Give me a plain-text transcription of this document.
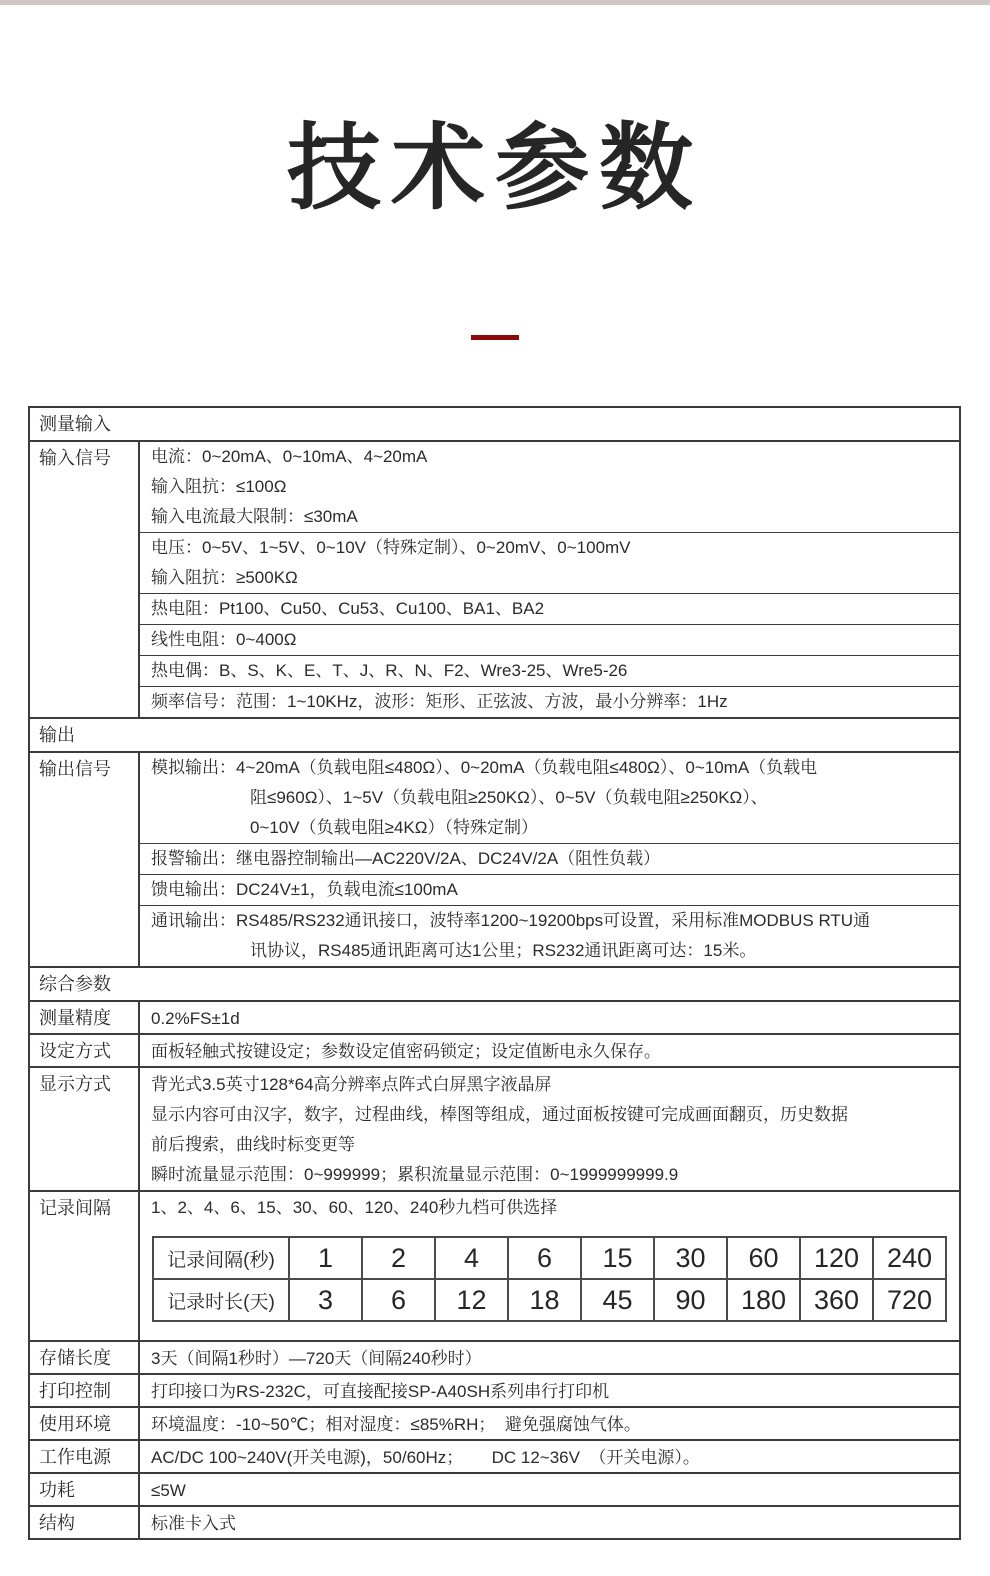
技术参数
测量输入
输入信号	电流：0~20mA、0~10mA、4~20mA
输入阻抗：≤100Ω
输入电流最大限制：≤30mA
电压：0~5V、1~5V、0~10V（特殊定制）、0~20mV、0~100mV
输入阻抗：≥500KΩ
热电阻：Pt100、Cu50、Cu53、Cu100、BA1、BA2
线性电阻：0~400Ω
热电偶：B、S、K、E、T、J、R、N、F2、Wre3-25、Wre5-26
频率信号：范围：1~10KHz，波形：矩形、正弦波、方波，最小分辨率：1Hz
输出
输出信号	模拟输出：4~20mA（负载电阻≤480Ω）、0~20mA（负载电阻≤480Ω）、0~10mA（负载电
阻≤960Ω）、1~5V（负载电阻≥250KΩ）、0~5V（负载电阻≥250KΩ）、
0~10V（负载电阻≥4KΩ）（特殊定制）
报警输出：继电器控制输出—AC220V/2A、DC24V/2A（阻性负载）
馈电输出：DC24V±1，负载电流≤100mA
通讯输出：RS485/RS232通讯接口，波特率1200~19200bps可设置，采用标准MODBUS RTU通
讯协议，RS485通讯距离可达1公里；RS232通讯距离可达：15米。
综合参数
测量精度	0.2%FS±1d
设定方式	面板轻触式按键设定；参数设定值密码锁定；设定值断电永久保存。
显示方式	背光式3.5英寸128*64高分辨率点阵式白屏黑字液晶屏
显示内容可由汉字，数字，过程曲线，棒图等组成，通过面板按键可完成画面翻页，历史数据
前后搜索，曲线时标变更等
瞬时流量显示范围：0~999999；累积流量显示范围：0~1999999999.9
记录间隔	1、2、4、6、15、30、60、120、240秒九档可供选择
记录间隔(秒)	1	2	4	6	15	30	60	120	240
记录时长(天)	3	6	12	18	45	90	180	360	720
存储长度	3天（间隔1秒时）—720天（间隔240秒时）
打印控制	打印接口为RS-232C，可直接配接SP-A40SH系列串行打印机
使用环境	环境温度：-10~50℃；相对湿度：≤85%RH；  避免强腐蚀气体。
工作电源	AC/DC 100~240V(开关电源)，50/60Hz；      DC 12~36V  （开关电源）。
功耗	≤5W
结构	标准卡入式
